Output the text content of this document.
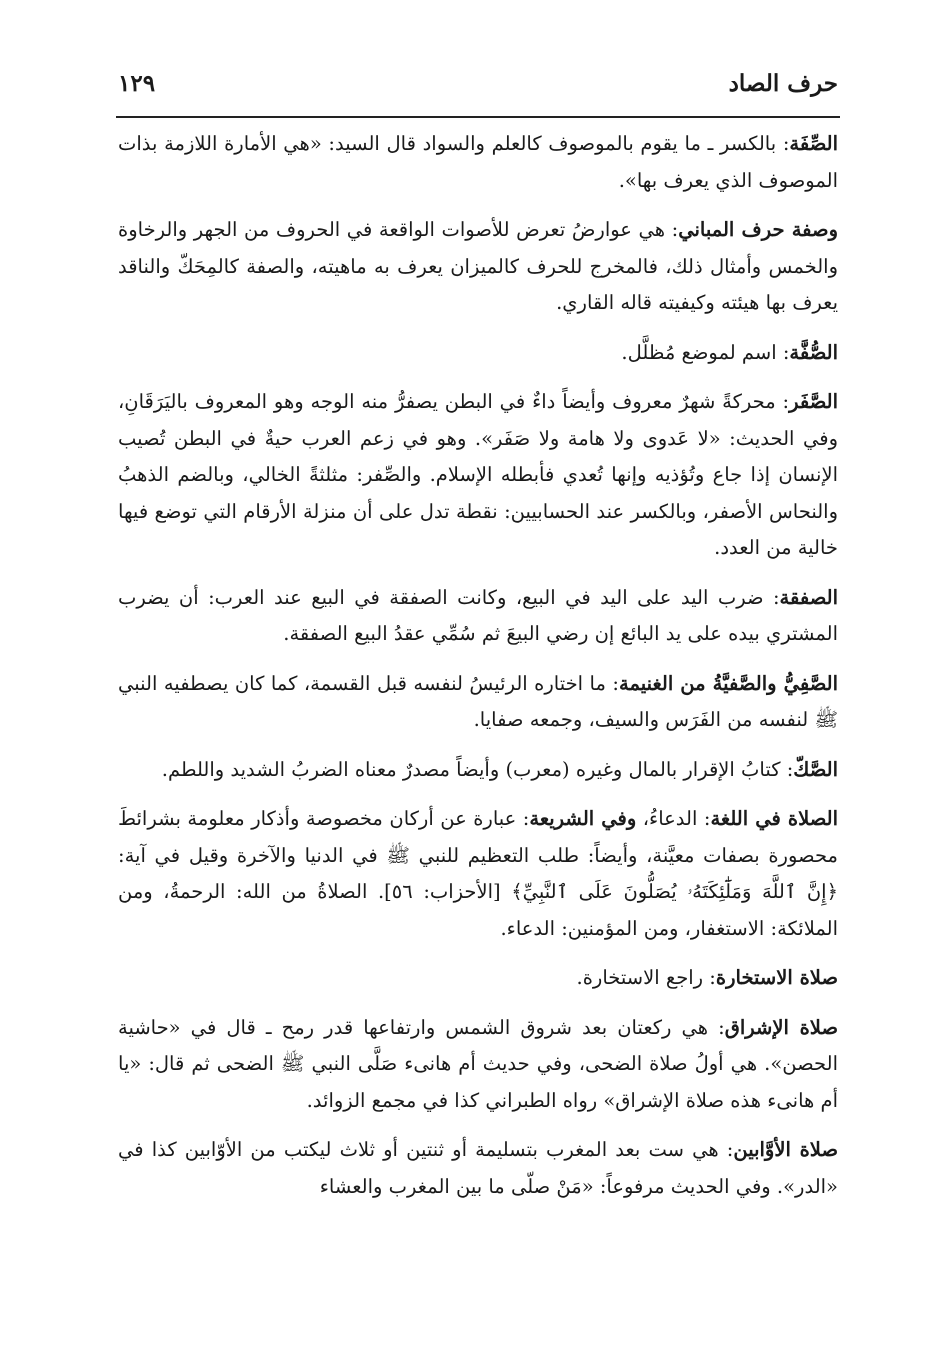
حرف الصاد
١٢٩

الصِّفَة: بالكسر ـ ما يقوم بالموصوف كالعلم والسواد قال السيد: «هي الأمارة اللازمة بذات الموصوف الذي يعرف بها».

وصفة حرف المباني: هي عوارضُ تعرض للأصوات الواقعة في الحروف من الجهر والرخاوة والخمس وأمثال ذلك، فالمخرج للحرف كالميزان يعرف به ماهيته، والصفة كالمِحَكّ والناقد يعرف بها هيئته وكيفيته قاله القاري.

الصُّفَّة: اسم لموضع مُظلَّل.

الصَّفَر: محركةً شهرٌ معروف وأيضاً داءٌ في البطن يصفرُّ منه الوجه وهو المعروف باليَرَقَانِ، وفي الحديث: «لا عَدوى ولا هامة ولا صَفَر». وهو في زعم العرب حيةٌ في البطن تُصيب الإنسان إذا جاع وتُؤذيه وإنها تُعدي فأبطله الإسلام. والصِّفر: مثلثةً الخالي، وبالضم الذهبُ والنحاس الأصفر، وبالكسر عند الحسابيين: نقطة تدل على أن منزلة الأرقام التي توضع فيها خالية من العدد.

الصفقة: ضرب اليد على اليد في البيع، وكانت الصفقة في البيع عند العرب: أن يضرب المشتري بيده على يد البائع إن رضي البيعَ ثم سُمِّي عقدُ البيع الصفقة.

الصَّفِيُّ والصَّفيَّةُ من الغنيمة: ما اختاره الرئيسُ لنفسه قبل القسمة، كما كان يصطفيه النبي ﷺ لنفسه من الفَرَس والسيف، وجمعه صفايا.

الصَّكّ: كتابُ الإقرار بالمال وغيره (معرب) وأيضاً مصدرٌ معناه الضربُ الشديد واللطم.

الصلاة في اللغة: الدعاءُ، وفي الشريعة: عبارة عن أركان مخصوصة وأذكار معلومة بشرائطَ محصورة بصفات معيَّنة، وأيضاً: طلب التعظيم للنبي ﷺ في الدنيا والآخرة وقيل في آية: ﴿إِنَّ ٱللَّهَ وَمَلَٰٓئِكَتَهُۥ يُصَلُّونَ عَلَى ٱلنَّبِيِّ﴾ [الأحزاب: ٥٦]. الصلاةُ من الله: الرحمةُ، ومن الملائكة: الاستغفار، ومن المؤمنين: الدعاء.

صلاة الاستخارة: راجع الاستخارة.

صلاة الإشراق: هي ركعتان بعد شروق الشمس وارتفاعها قدر رمح ـ قال في «حاشية الحصن». هي أولُ صلاة الضحى، وفي حديث أم هانىء صَلَّى النبي ﷺ الضحى ثم قال: «يا أم هانىء هذه صلاة الإشراق» رواه الطبراني كذا في مجمع الزوائد.

صلاة الأوَّابين: هي ست بعد المغرب بتسليمة أو ثنتين أو ثلاث ليكتب من الأوّابين كذا في «الدر». وفي الحديث مرفوعاً: «مَنْ صلّى ما بين المغرب والعشاء
